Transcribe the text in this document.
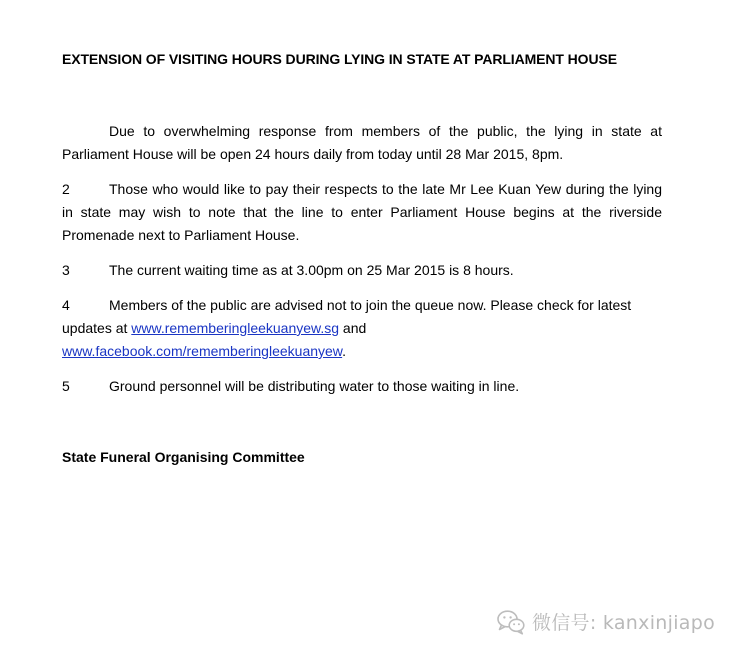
EXTENSION OF VISITING HOURS DURING LYING IN STATE AT PARLIAMENT HOUSE
Due to overwhelming response from members of the public, the lying in state at Parliament House will be open 24 hours daily from today until 28 Mar 2015, 8pm.
2	Those who would like to pay their respects to the late Mr Lee Kuan Yew during the lying in state may wish to note that the line to enter Parliament House begins at the riverside Promenade next to Parliament House.
3	The current waiting time as at 3.00pm on 25 Mar 2015 is 8 hours.
4	Members of the public are advised not to join the queue now. Please check for latest updates at www.rememberingleekuanyew.sg and
www.facebook.com/rememberingleekuanyew.
5	Ground personnel will be distributing water to those waiting in line.
State Funeral Organising Committee
微信号: kanxinjiapo
